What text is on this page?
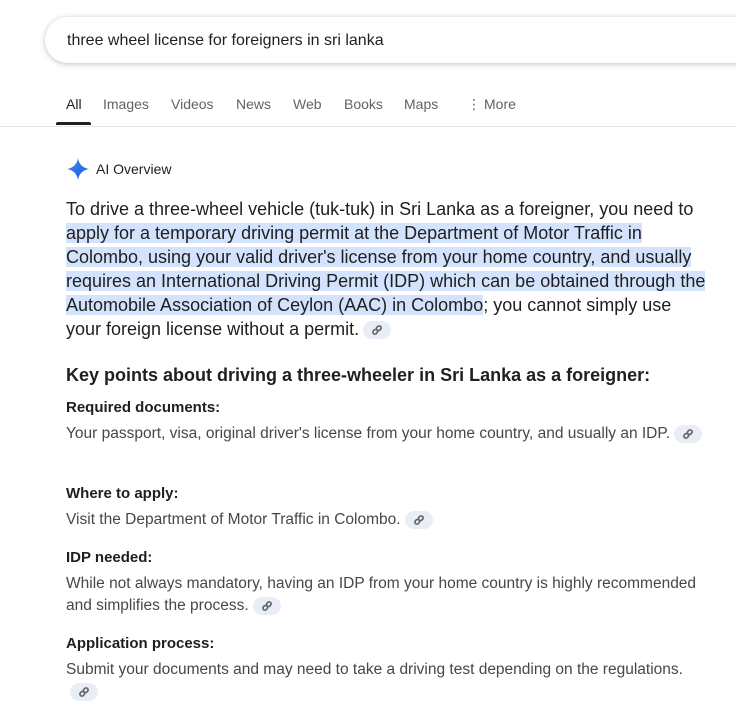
three wheel license for foreigners in sri lanka
All Images Videos News Web Books Maps ⋮ More
AI Overview
To drive a three-wheel vehicle (tuk-tuk) in Sri Lanka as a foreigner, you need to apply for a temporary driving permit at the Department of Motor Traffic in Colombo, using your valid driver's license from your home country, and usually requires an International Driving Permit (IDP) which can be obtained through the Automobile Association of Ceylon (AAC) in Colombo; you cannot simply use your foreign license without a permit.
Key points about driving a three-wheeler in Sri Lanka as a foreigner:
Required documents:
Your passport, visa, original driver's license from your home country, and usually an IDP.
Where to apply:
Visit the Department of Motor Traffic in Colombo.
IDP needed:
While not always mandatory, having an IDP from your home country is highly recommended and simplifies the process.
Application process:
Submit your documents and may need to take a driving test depending on the regulations.
